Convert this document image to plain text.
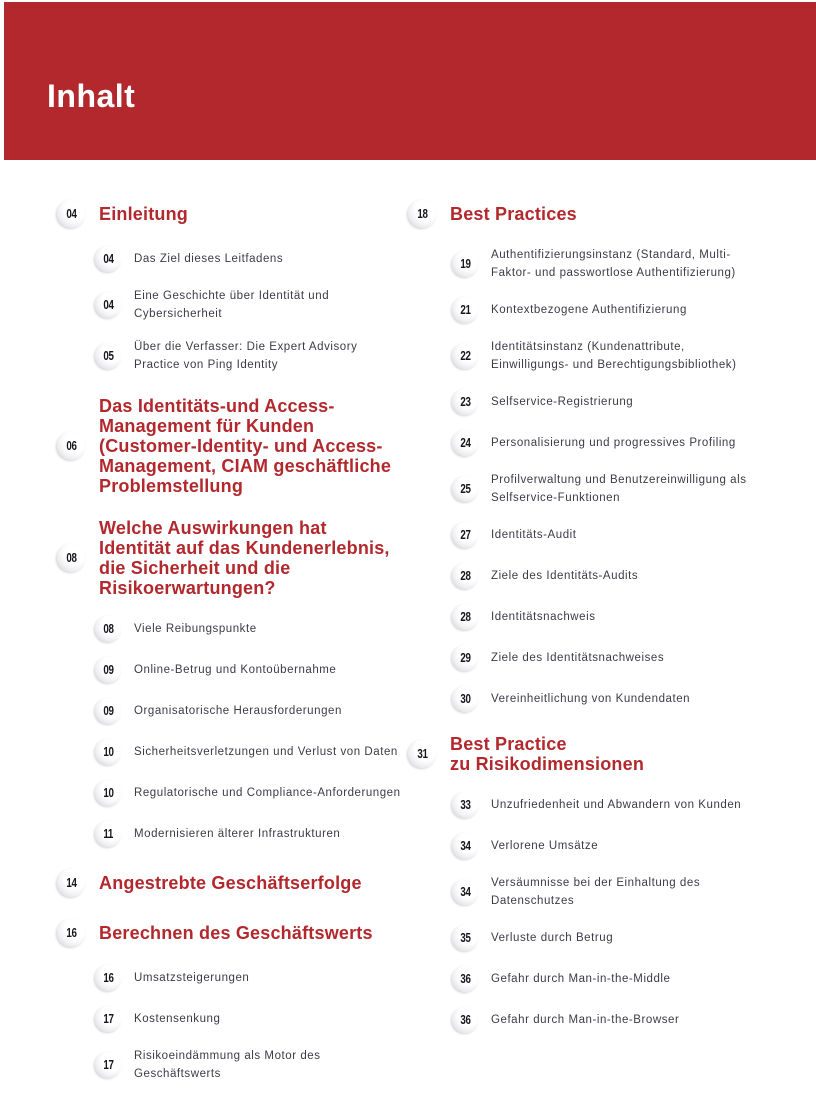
Inhalt
04 Einleitung
04 Das Ziel dieses Leitfadens
04
Eine Geschichte über Identität und
Cybersicherheit
05
Über die Verfasser: Die Expert Advisory
Practice von Ping Identity
06
Das Identitäts-und Access-
Management für Kunden
(Customer-Identity- und Access-
Management, CIAM geschäftliche
Problemstellung
08
Welche Auswirkungen hat
Identität auf das Kundenerlebnis,
die Sicherheit und die
Risikoerwartungen?
08 Viele Reibungspunkte
09 Online-Betrug und Kontoübernahme
09 Organisatorische Herausforderungen
10 Sicherheitsverletzungen und Verlust von Daten
10 Regulatorische und Compliance-Anforderungen
11 Modernisieren älterer Infrastrukturen
14 Angestrebte Geschäftserfolge
16 Berechnen des Geschäftswerts
16 Umsatzsteigerungen
17 Kostensenkung
17
Risikoeindämmung als Motor des
Geschäftswerts
18 Best Practices
19
Authentifizierungsinstanz (Standard, Multi-
Faktor- und passwortlose Authentifizierung)
21 Kontextbezogene Authentifizierung
22
Identitätsinstanz (Kundenattribute,
Einwilligungs- und Berechtigungsbibliothek)
23 Selfservice-Registrierung
24 Personalisierung und progressives Profiling
25
Profilverwaltung und Benutzereinwilligung als
Selfservice-Funktionen
27 Identitäts-Audit
28 Ziele des Identitäts-Audits
28 Identitätsnachweis
29 Ziele des Identitätsnachweises
30 Vereinheitlichung von Kundendaten
31 Best Practice
zu Risikodimensionen
33 Unzufriedenheit und Abwandern von Kunden
34 Verlorene Umsätze
34
Versäumnisse bei der Einhaltung des
Datenschutzes
35 Verluste durch Betrug
36 Gefahr durch Man-in-the-Middle
36 Gefahr durch Man-in-the-Browser
